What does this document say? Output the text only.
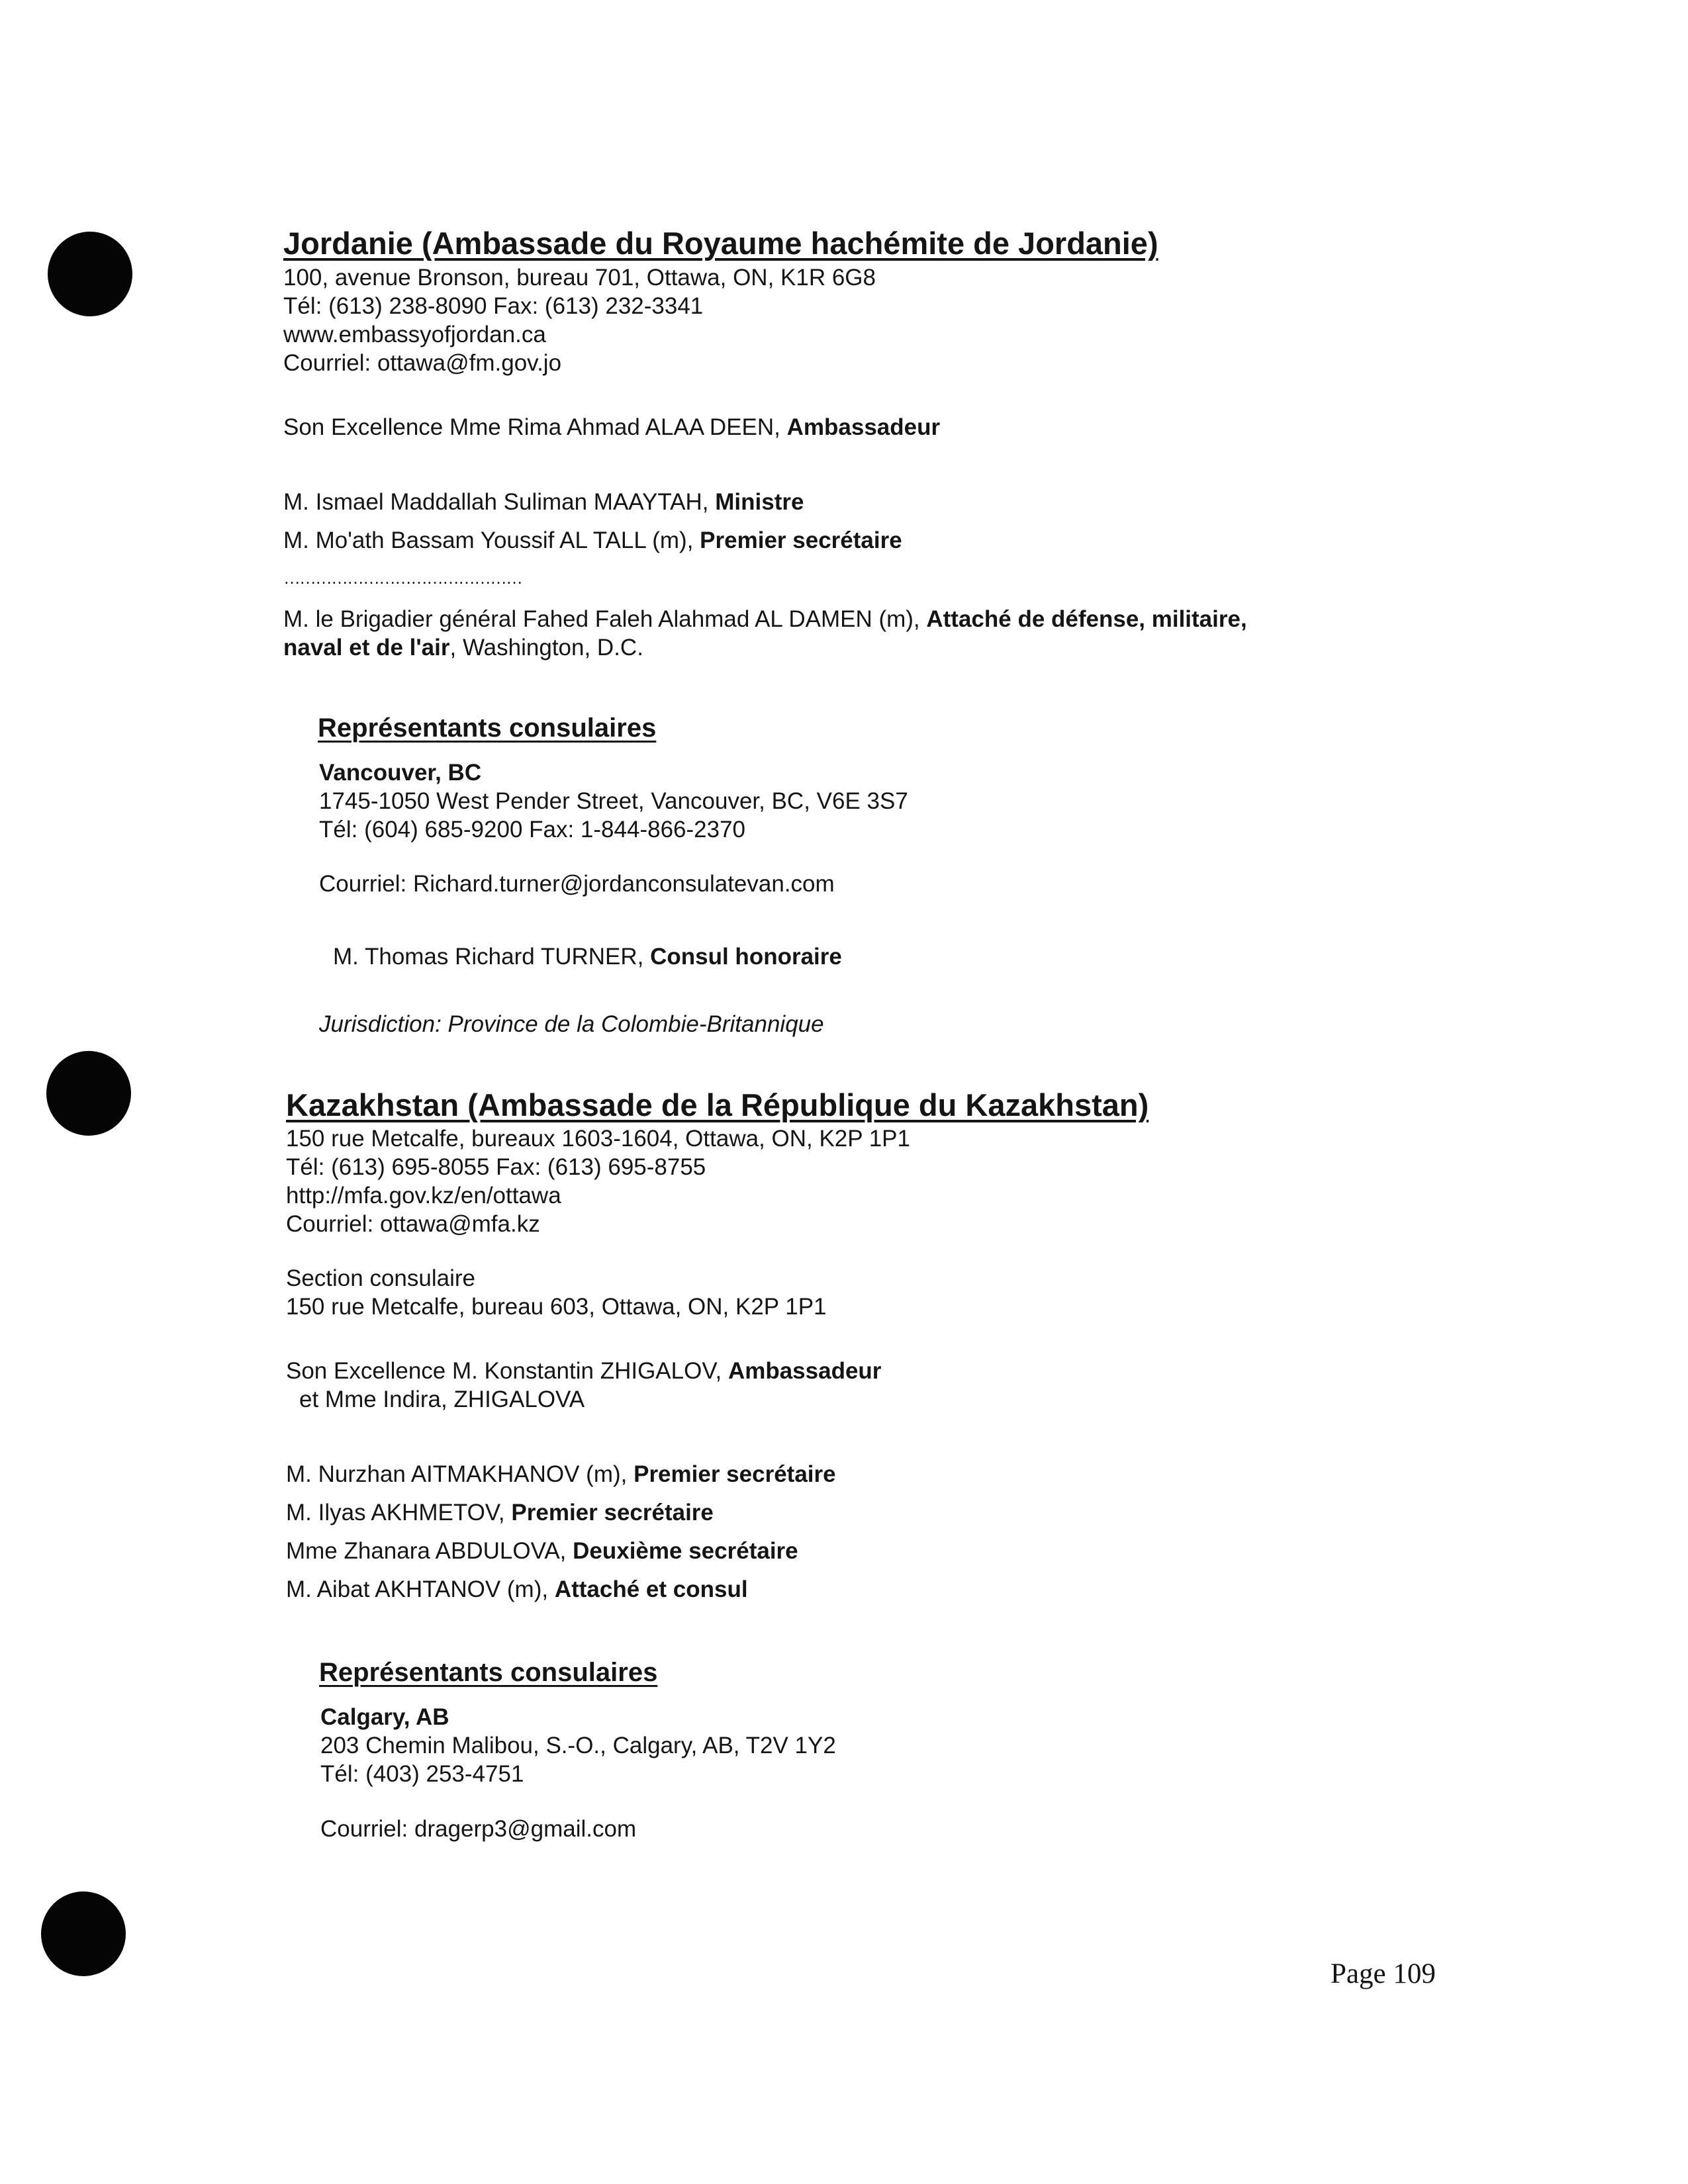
Jordanie (Ambassade du Royaume hachémite de Jordanie)
100, avenue Bronson, bureau 701, Ottawa, ON, K1R 6G8
Tél: (613) 238-8090 Fax: (613) 232-3341
www.embassyofjordan.ca
Courriel: ottawa@fm.gov.jo
Son Excellence Mme Rima Ahmad ALAA DEEN, Ambassadeur
M. Ismael Maddallah Suliman MAAYTAH, Ministre
M. Mo'ath Bassam Youssif AL TALL (m), Premier secrétaire
………………………………………
M. le Brigadier général Fahed Faleh Alahmad AL DAMEN (m), Attaché de défense, militaire,
naval et de l'air, Washington, D.C.
Représentants consulaires
Vancouver, BC
1745-1050 West Pender Street, Vancouver, BC, V6E 3S7
Tél: (604) 685-9200 Fax: 1-844-866-2370
Courriel: Richard.turner@jordanconsulatevan.com
M. Thomas Richard TURNER, Consul honoraire
Jurisdiction: Province de la Colombie-Britannique
Kazakhstan (Ambassade de la République du Kazakhstan)
150 rue Metcalfe, bureaux 1603-1604, Ottawa, ON, K2P 1P1
Tél: (613) 695-8055 Fax: (613) 695-8755
http://mfa.gov.kz/en/ottawa
Courriel: ottawa@mfa.kz
Section consulaire
150 rue Metcalfe, bureau 603, Ottawa, ON, K2P 1P1
Son Excellence M. Konstantin ZHIGALOV, Ambassadeur
et Mme Indira, ZHIGALOVA
M. Nurzhan AITMAKHANOV (m), Premier secrétaire
M. Ilyas AKHMETOV, Premier secrétaire
Mme Zhanara ABDULOVA, Deuxième secrétaire
M. Aibat AKHTANOV (m), Attaché et consul
Représentants consulaires
Calgary, AB
203 Chemin Malibou, S.-O., Calgary, AB, T2V 1Y2
Tél: (403) 253-4751
Courriel: dragerp3@gmail.com
Page 109
